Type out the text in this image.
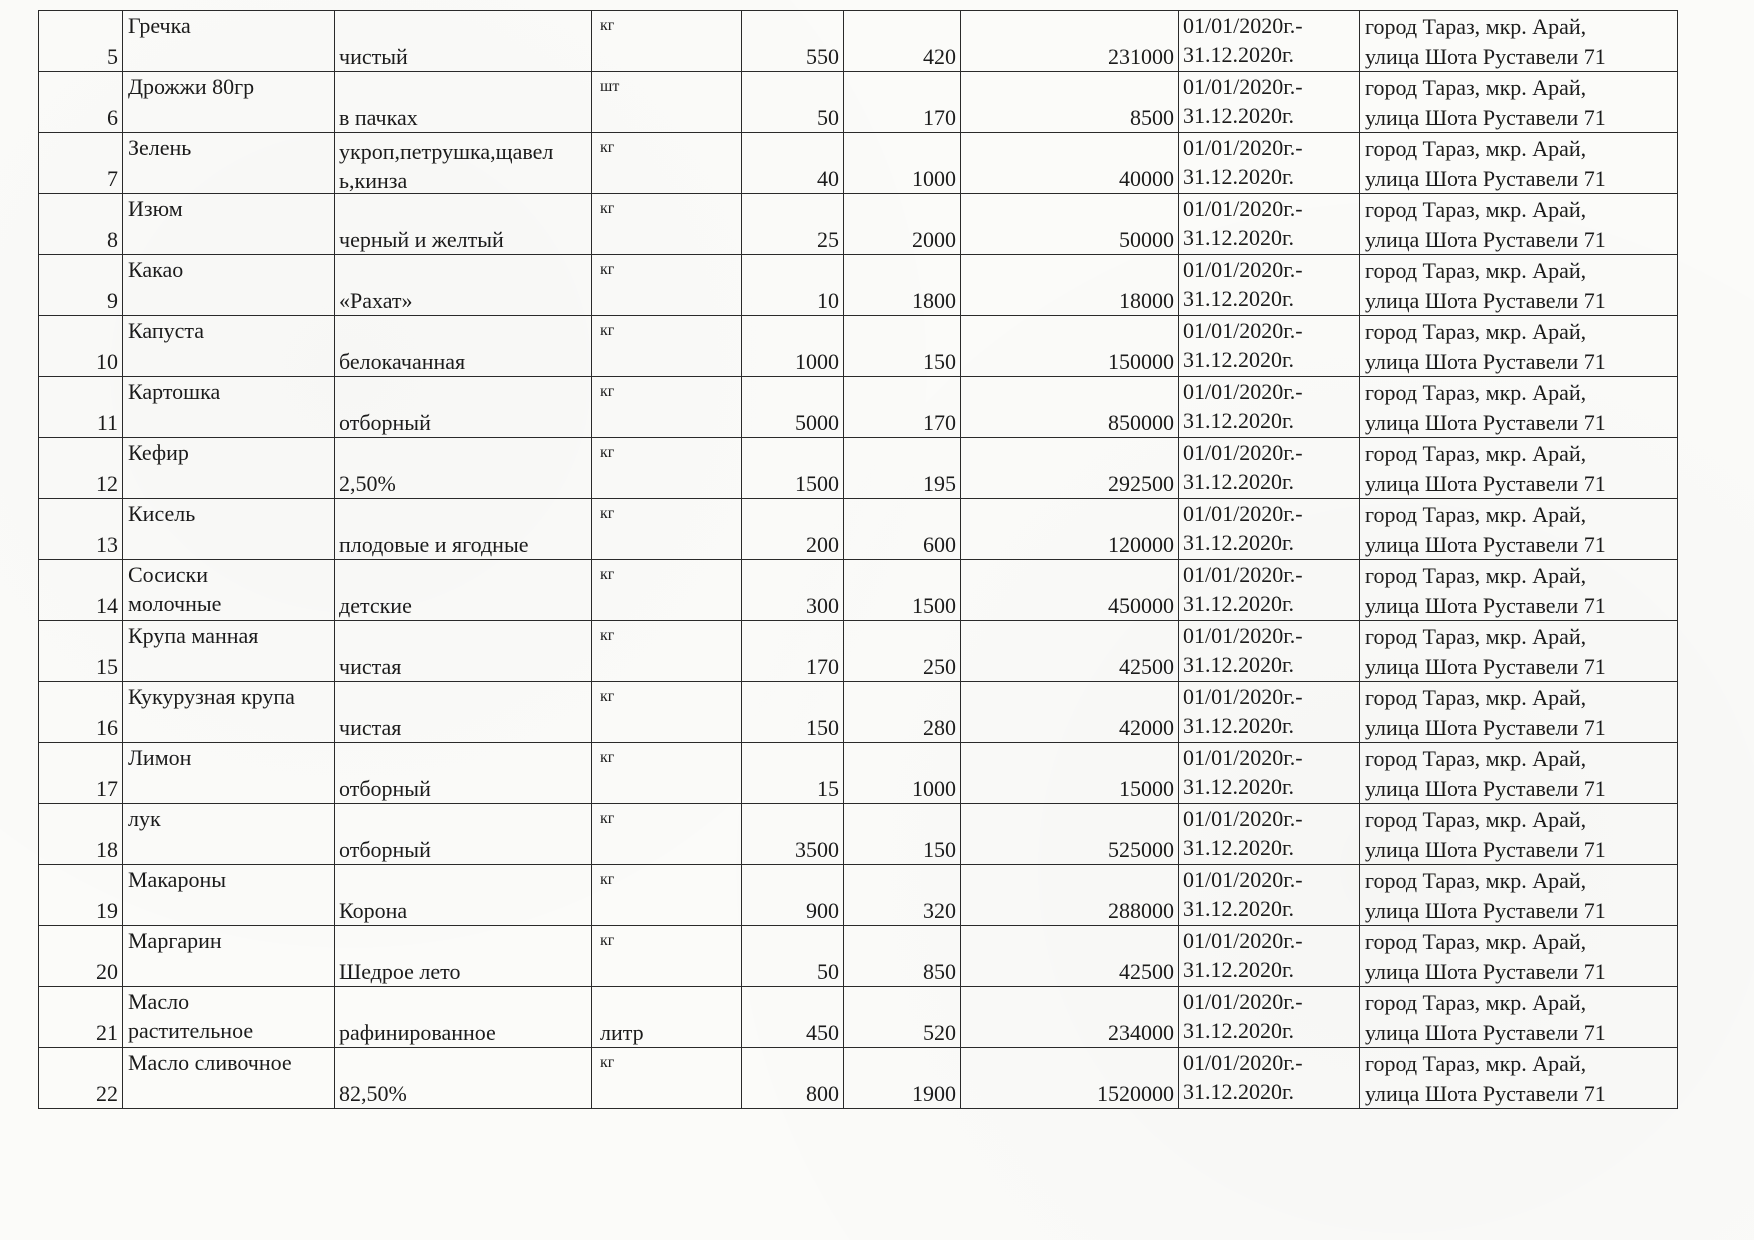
5	Гречка	чистый	кг	550	420	231000	01/01/2020г.-
31.12.2020г.	город Тараз, мкр. Арай,
улица Шота Руставели 71

6	Дрожжи 80гр	в пачках	шт	50	170	8500	01/01/2020г.-
31.12.2020г.	город Тараз, мкр. Арай,
улица Шота Руставели 71

7	Зелень	укроп,петрушка,щавел
ь,кинза	кг	40	1000	40000	01/01/2020г.-
31.12.2020г.	город Тараз, мкр. Арай,
улица Шота Руставели 71

8	Изюм	черный и желтый	кг	25	2000	50000	01/01/2020г.-
31.12.2020г.	город Тараз, мкр. Арай,
улица Шота Руставели 71

9	Какао	«Рахат»	кг	10	1800	18000	01/01/2020г.-
31.12.2020г.	город Тараз, мкр. Арай,
улица Шота Руставели 71

10	Капуста	белокачанная	кг	1000	150	150000	01/01/2020г.-
31.12.2020г.	город Тараз, мкр. Арай,
улица Шота Руставели 71

11	Картошка	отборный	кг	5000	170	850000	01/01/2020г.-
31.12.2020г.	город Тараз, мкр. Арай,
улица Шота Руставели 71

12	Кефир	2,50%	кг	1500	195	292500	01/01/2020г.-
31.12.2020г.	город Тараз, мкр. Арай,
улица Шота Руставели 71

13	Кисель	плодовые и ягодные	кг	200	600	120000	01/01/2020г.-
31.12.2020г.	город Тараз, мкр. Арай,
улица Шота Руставели 71

14	Сосиски
молочные	детские	кг	300	1500	450000	01/01/2020г.-
31.12.2020г.	город Тараз, мкр. Арай,
улица Шота Руставели 71

15	Крупа манная	чистая	кг	170	250	42500	01/01/2020г.-
31.12.2020г.	город Тараз, мкр. Арай,
улица Шота Руставели 71

16	Кукурузная крупа	чистая	кг	150	280	42000	01/01/2020г.-
31.12.2020г.	город Тараз, мкр. Арай,
улица Шота Руставели 71

17	Лимон	отборный	кг	15	1000	15000	01/01/2020г.-
31.12.2020г.	город Тараз, мкр. Арай,
улица Шота Руставели 71

18	лук	отборный	кг	3500	150	525000	01/01/2020г.-
31.12.2020г.	город Тараз, мкр. Арай,
улица Шота Руставели 71

19	Макароны	Корона	кг	900	320	288000	01/01/2020г.-
31.12.2020г.	город Тараз, мкр. Арай,
улица Шота Руставели 71

20	Маргарин	Шедрое лето	кг	50	850	42500	01/01/2020г.-
31.12.2020г.	город Тараз, мкр. Арай,
улица Шота Руставели 71

21	Масло
растительное	рафинированное	литр	450	520	234000	01/01/2020г.-
31.12.2020г.	город Тараз, мкр. Арай,
улица Шота Руставели 71

22	Масло сливочное	82,50%	кг	800	1900	1520000	01/01/2020г.-
31.12.2020г.	город Тараз, мкр. Арай,
улица Шота Руставели 71
